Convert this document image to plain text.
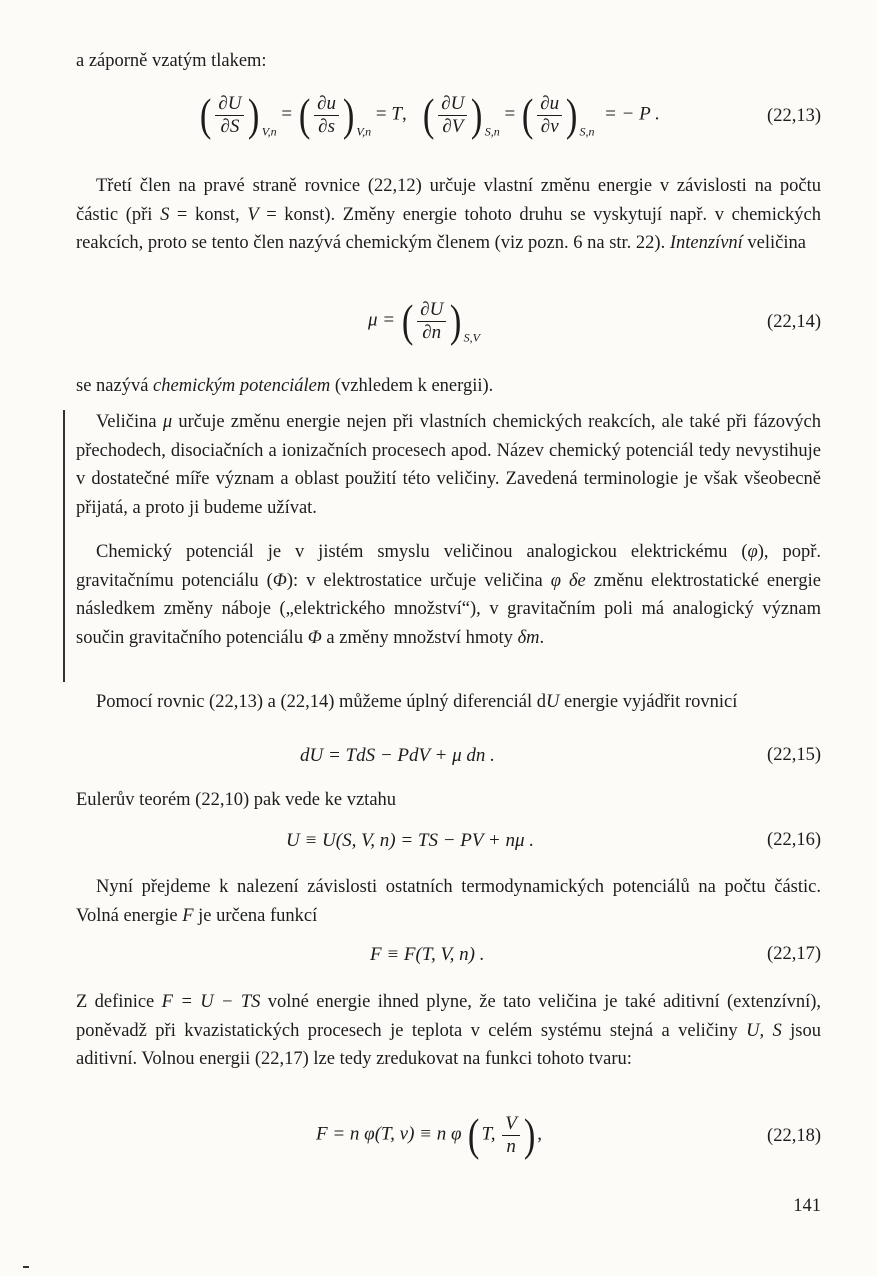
a záporně vzatým tlakem:

( $\frac{\partial U}{\partial S}$ ) $_{V,n}$ = ( $\frac{\partial u}{\partial s}$ ) $_{V,n}$ = T, ( $\frac{\partial U}{\partial V}$ ) $_{S,n}$ = ( $\frac{\partial u}{\partial v}$ ) $_{S,n}$  = − P .	(22,13)

Třetí člen na pravé straně rovnice (22,12) určuje vlastní změnu energie v závislosti na počtu částic (při S = konst, V = konst). Změny energie tohoto druhu se vyskytují např. v chemických reakcích, proto se tento člen nazývá chemickým členem (viz pozn. 6 na str. 22). Intenzívní veličina

μ = ( $\frac{\partial U}{\partial n}$ ) $_{S,V}$
(22,14)

se nazývá chemickým potenciálem (vzhledem k energii).

Veličina μ určuje změnu energie nejen při vlastních chemických reakcích, ale také při fázových přechodech, disociačních a ionizačních procesech apod. Název chemický potenciál tedy nevystihuje v dostatečné míře význam a oblast použití této veličiny. Zavedená terminologie je však všeobecně přijatá, a proto ji budeme užívat.

Chemický potenciál je v jistém smyslu veličinou analogickou elektrickému (φ), popř. gravitačnímu potenciálu (Φ): v elektrostatice určuje veličina φ δe změnu elektrostatické energie následkem změny náboje („elektrického množství“), v gravitačním poli má analogický význam součin gravitačního potenciálu Φ a změny množství hmoty δm.

Pomocí rovnic (22,13) a (22,14) můžeme úplný diferenciál dU energie vyjádřit rovnicí

dU = TdS − PdV + μ dn .	(22,15)

Eulerův teorém (22,10) pak vede ke vztahu

U ≡ U(S, V, n) = TS − PV + nμ .	(22,16)

Nyní přejdeme k nalezení závislosti ostatních termodynamických potenciálů na počtu částic. Volná energie F je určena funkcí

F ≡ F(T, V, n) .	(22,17)

Z definice F = U − TS volné energie ihned plyne, že tato veličina je také aditivní (extenzívní), poněvadž při kvazistatických procesech je teplota v celém systému stejná a veličiny U, S jsou aditivní. Volnou energii (22,17) lze tedy zredukovat na funkci tohoto tvaru:

F = n φ(T, v) ≡ n φ ( T, $\frac{V}{n}$ ) ,	(22,18)
141
